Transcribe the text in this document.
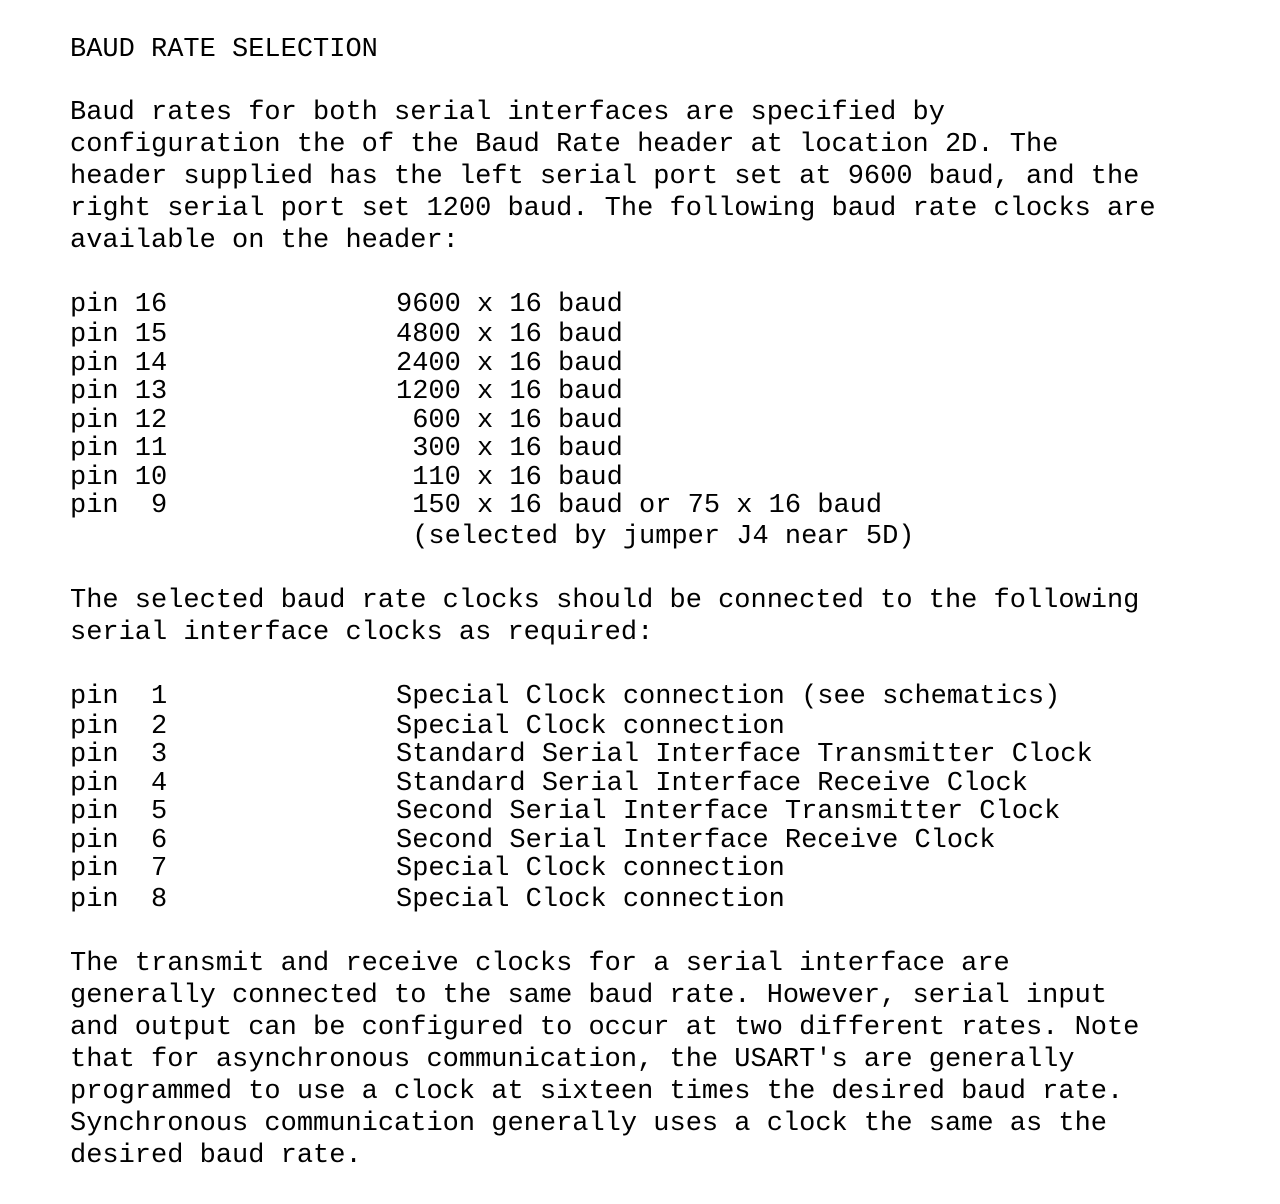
BAUD RATE SELECTION
Baud rates for both serial interfaces are specified by
configuration the of the Baud Rate header at location 2D. The
header supplied has the left serial port set at 9600 baud, and the
right serial port set 1200 baud. The following baud rate clocks are
available on the header:
pin 16	9600 x 16 baud
pin 15	4800 x 16 baud
pin 14	2400 x 16 baud
pin 13	1200 x 16 baud
pin 12	600 x 16 baud
pin 11	300 x 16 baud
pin 10	110 x 16 baud
pin  9	150 x 16 baud or 75 x 16 baud
(selected by jumper J4 near 5D)
The selected baud rate clocks should be connected to the following
serial interface clocks as required:
pin  1	Special Clock connection (see schematics)
pin  2	Special Clock connection
pin  3	Standard Serial Interface Transmitter Clock
pin  4	Standard Serial Interface Receive Clock
pin  5	Second Serial Interface Transmitter Clock
pin  6	Second Serial Interface Receive Clock
pin  7	Special Clock connection
pin  8	Special Clock connection
The transmit and receive clocks for a serial interface are
generally connected to the same baud rate. However, serial input
and output can be configured to occur at two different rates. Note
that for asynchronous communication, the USART's are generally
programmed to use a clock at sixteen times the desired baud rate.
Synchronous communication generally uses a clock the same as the
desired baud rate.
